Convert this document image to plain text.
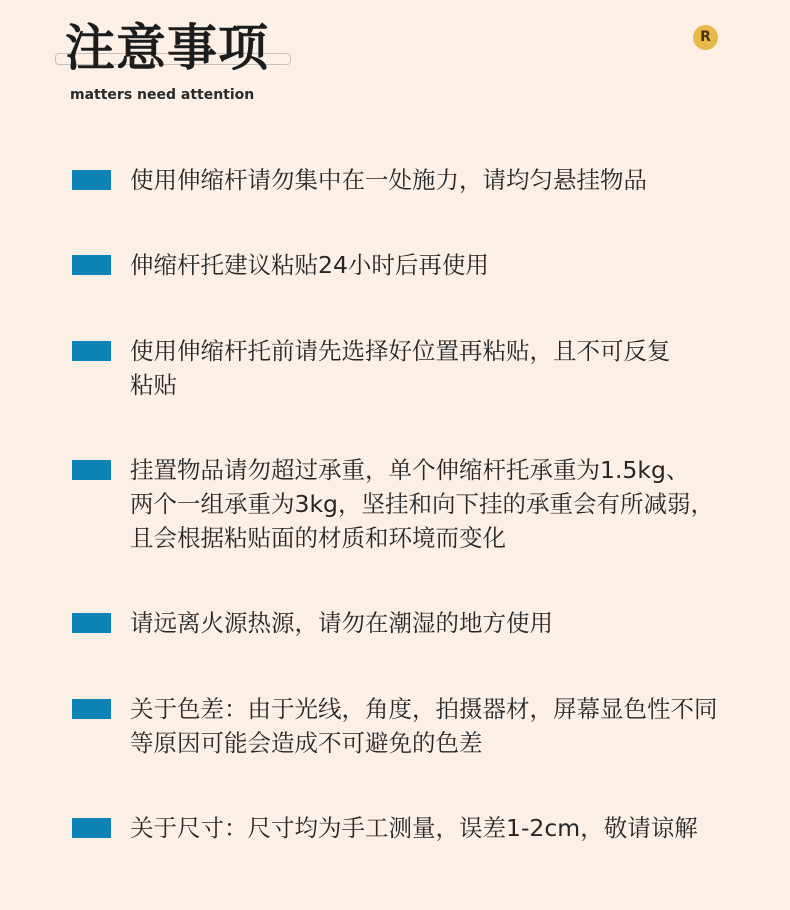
注意事项
matters need attention
R
使用伸缩杆请勿集中在一处施力，请均匀悬挂物品
伸缩杆托建议粘贴24小时后再使用
使用伸缩杆托前请先选择好位置再粘贴，且不可反复
粘贴
挂置物品请勿超过承重，单个伸缩杆托承重为1.5kg、
两个一组承重为3kg，坚挂和向下挂的承重会有所减弱，
且会根据粘贴面的材质和环境而变化
请远离火源热源，请勿在潮湿的地方使用
关于色差：由于光线，角度，拍摄器材，屏幕显色性不同
等原因可能会造成不可避免的色差
关于尺寸：尺寸均为手工测量，误差1-2cm，敬请谅解
